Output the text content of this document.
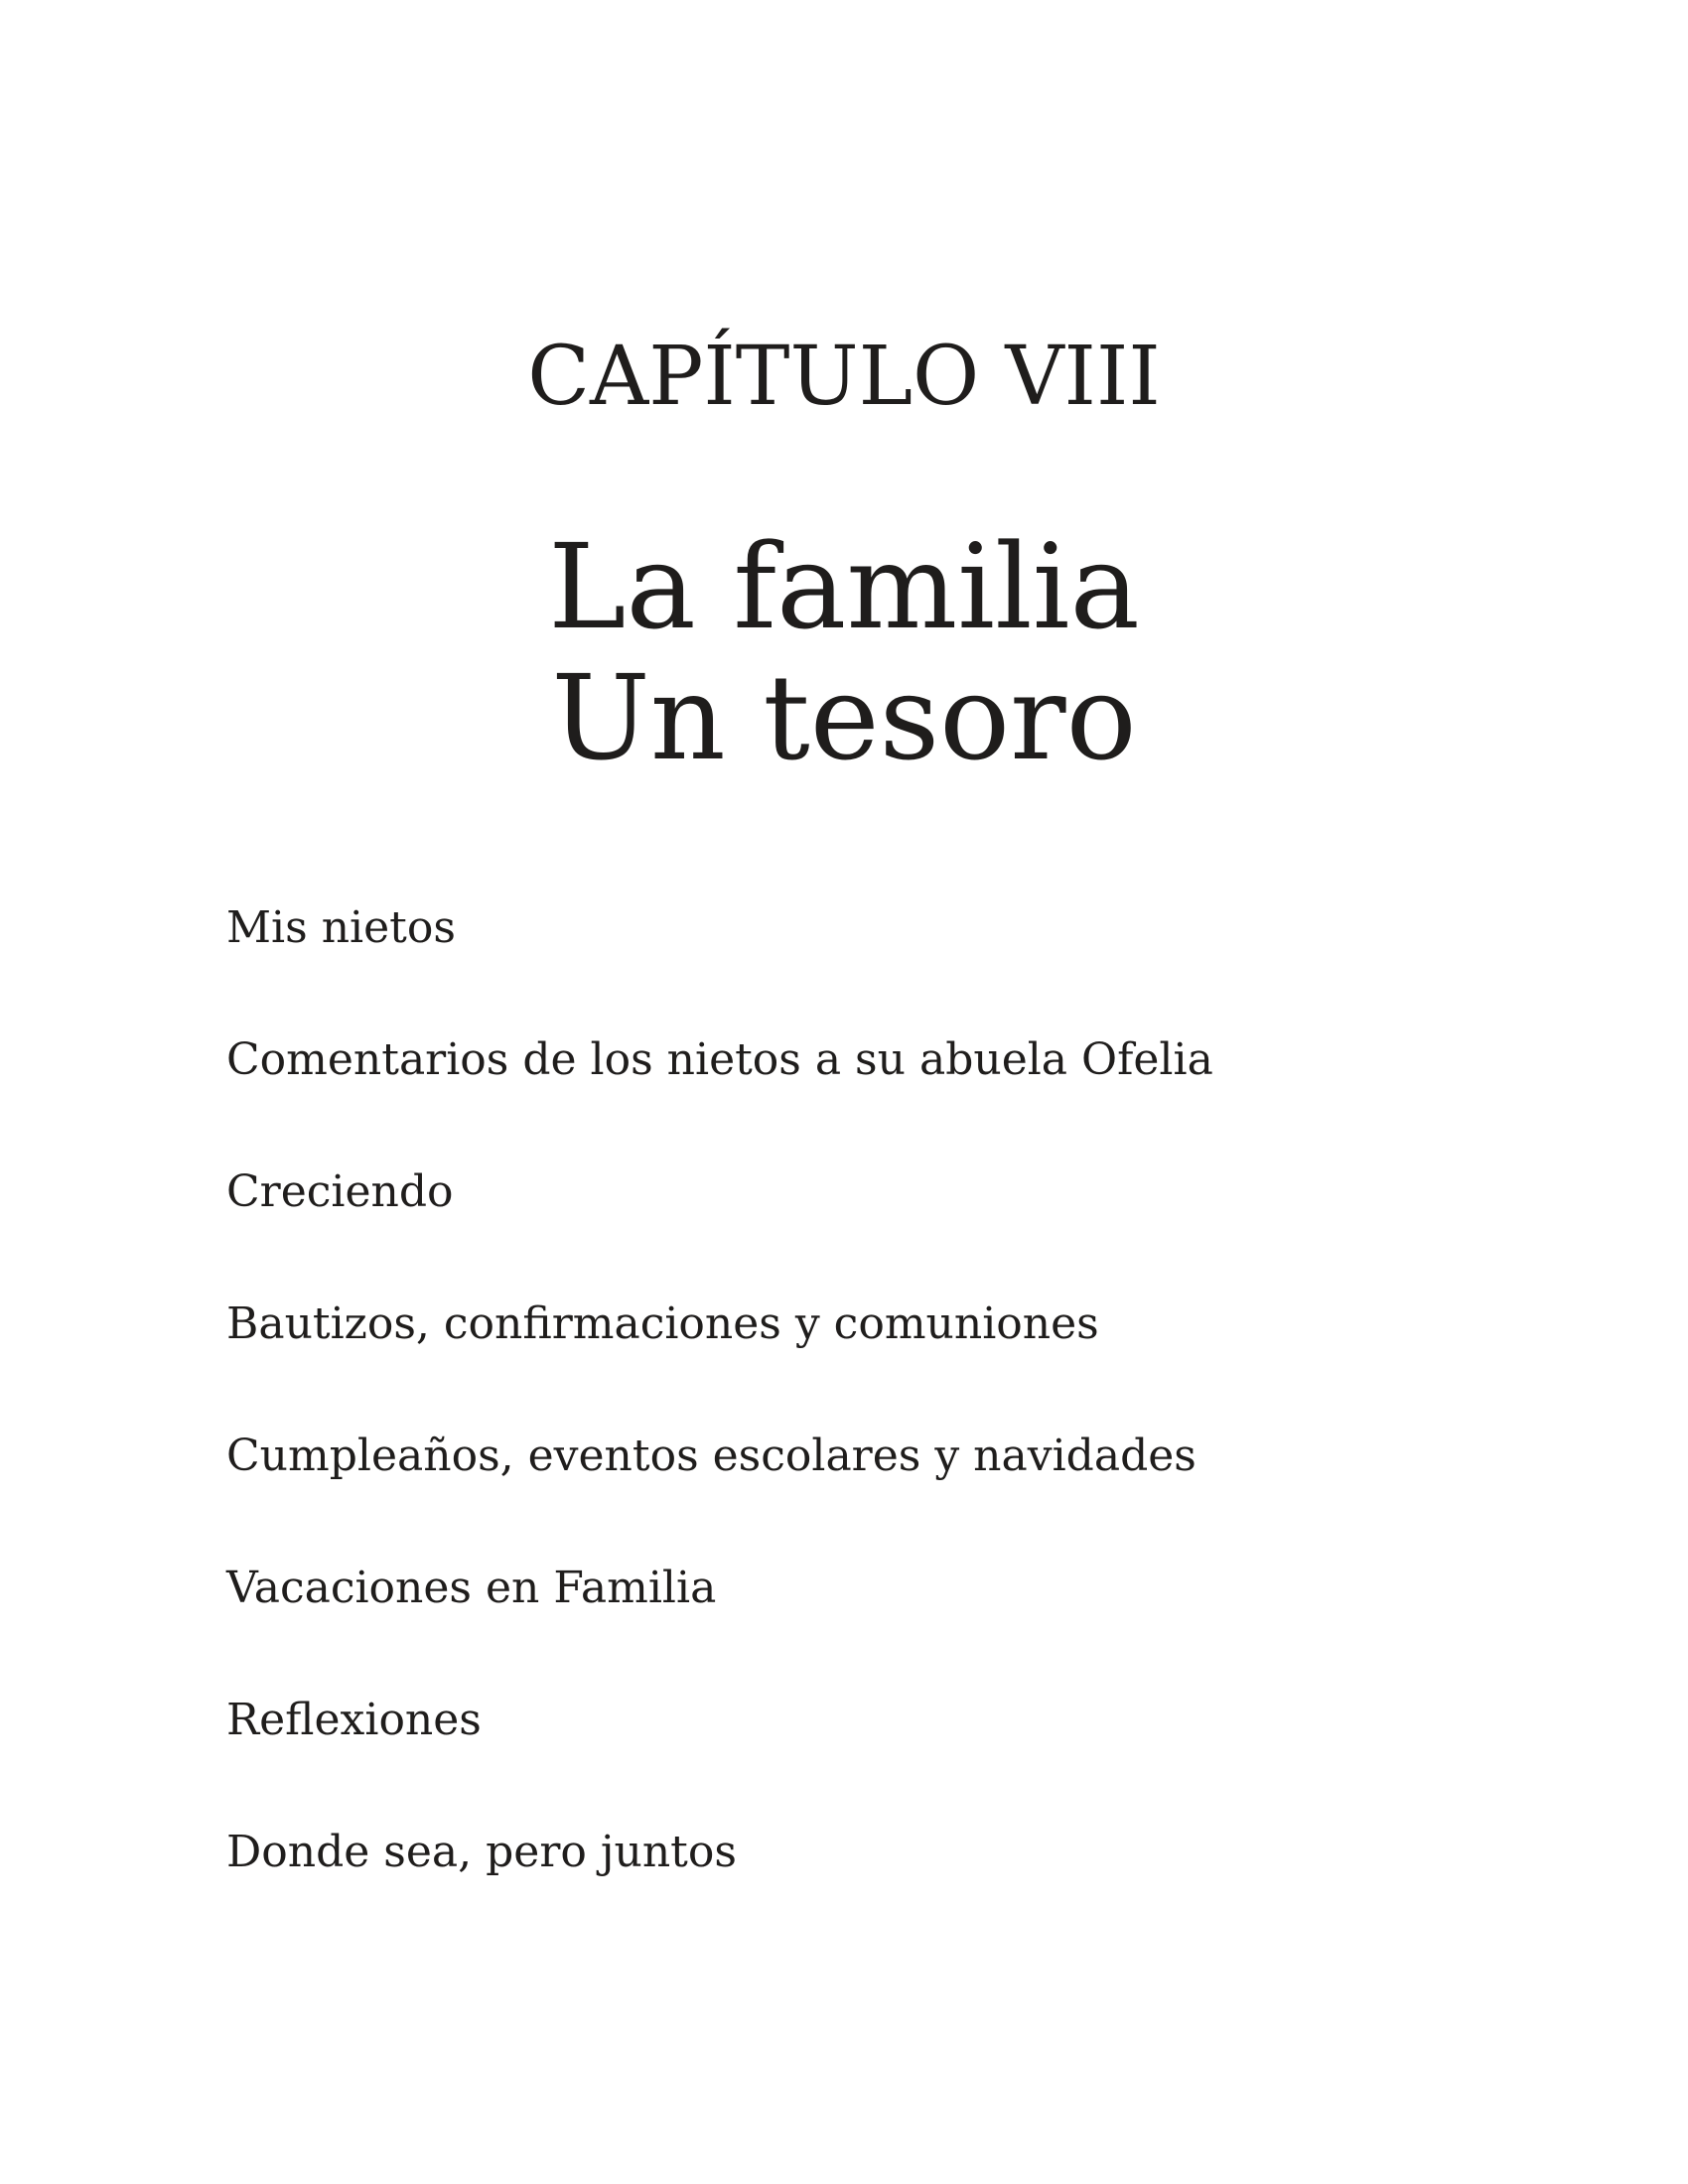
CAPÍTULO VIII
La familia
Un tesoro
Mis nietos
Comentarios de los nietos a su abuela Ofelia
Creciendo
Bautizos, confirmaciones y comuniones
Cumpleaños, eventos escolares y navidades
Vacaciones en Familia
Reflexiones
Donde sea, pero juntos
